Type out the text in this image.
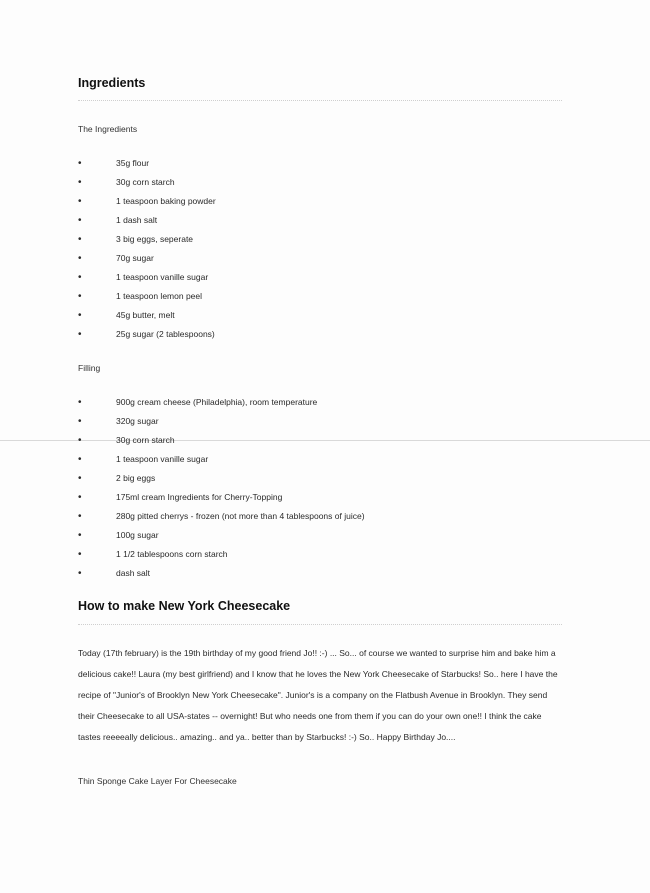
Ingredients
The Ingredients
•	35g flour
•	30g corn starch
•	1 teaspoon baking powder
•	1 dash salt
•	3 big eggs, seperate
•	70g sugar
•	1 teaspoon vanille sugar
•	1 teaspoon lemon peel
•	45g butter, melt
•	25g sugar (2 tablespoons)
Filling
•	900g cream cheese (Philadelphia), room temperature
•	320g sugar
•	30g corn starch
•	1 teaspoon vanille sugar
•	2 big eggs
•	175ml cream Ingredients for Cherry-Topping
•	280g pitted cherrys - frozen (not more than 4 tablespoons of juice)
•	100g sugar
•	1 1/2 tablespoons corn starch
•	dash salt
How to make New York Cheesecake
Today (17th february) is the 19th birthday of my good friend Jo!! :-) ... So... of course we wanted to surprise him and bake him a delicious cake!! Laura (my best girlfriend) and I know that he loves the New York Cheesecake of Starbucks! So.. here I have the recipe of "Junior's of Brooklyn New York Cheesecake". Junior's is a company on the Flatbush Avenue in Brooklyn. They send their Cheesecake to all USA-states -- overnight! But who needs one from them if you can do your own one!! I think the cake tastes reeeeally delicious.. amazing.. and ya.. better than by Starbucks! :-) So.. Happy Birthday Jo....
Thin Sponge Cake Layer For Cheesecake
